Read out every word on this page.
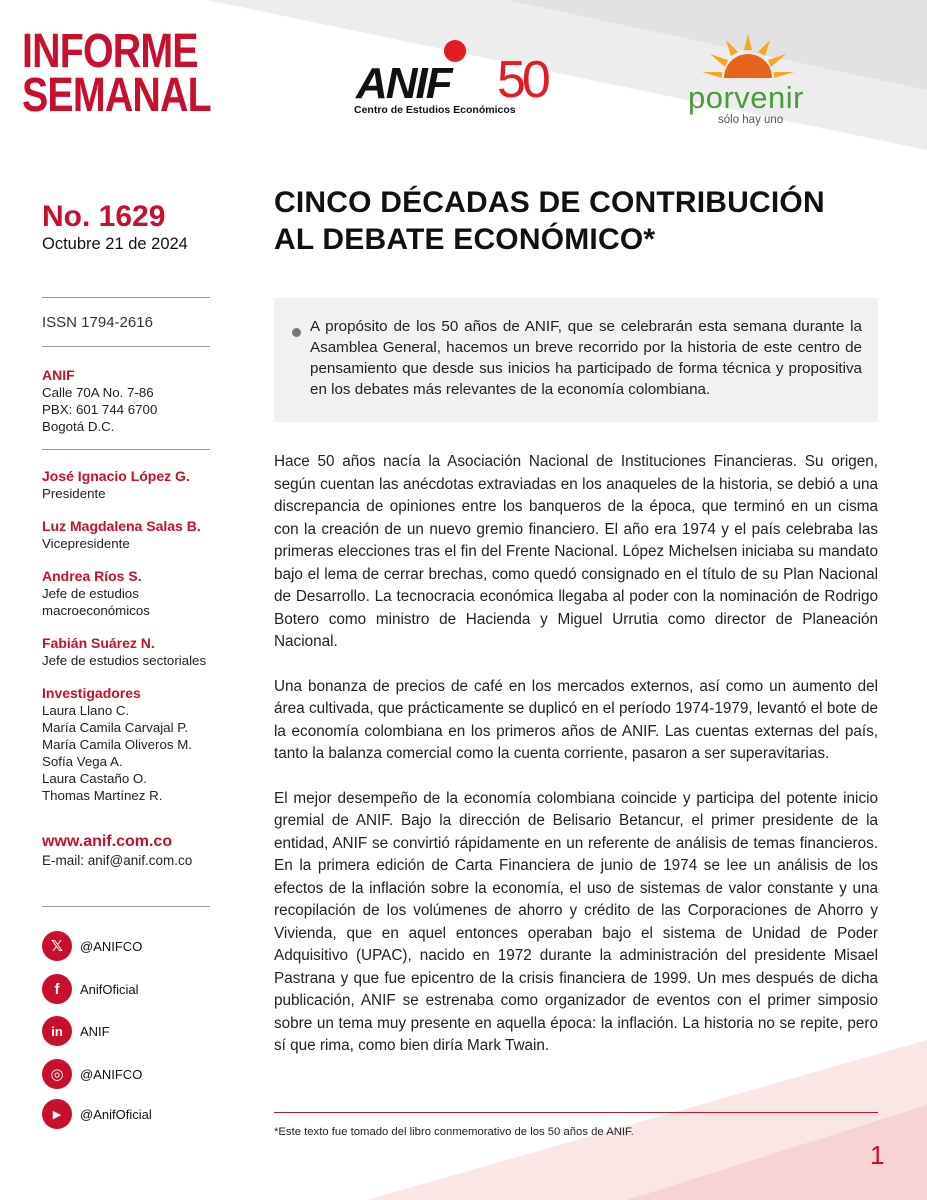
INFORME
SEMANAL	ANIF 50
Centro de Estudios Económicos	porvenir
sólo hay uno

No. 1629

Octubre 21 de 2024

ISSN 1794-2616
ANIF
Calle 70A No. 7-86
PBX: 601 744 6700
Bogotá D.C.
José Ignacio López G.
Presidente
Luz Magdalena Salas B.
Vicepresidente
Andrea Ríos S.
Jefe de estudios macroeconómicos
Fabián Suárez N.
Jefe de estudios sectoriales
Investigadores
Laura Llano C.
María Camila Carvajal P.
María Camila Oliveros M.
Sofía Vega A.
Laura Castaño O.
Thomas Martínez R.
www.anif.com.co
E-mail: anif@anif.com.co
𝕏	@ANIFCO
f	AnifOficial
in	ANIF
◎	@ANIFCO
▶	@AnifOficial
CINCO DÉCADAS DE CONTRIBUCIÓN
AL DEBATE ECONÓMICO*

A propósito de los 50 años de ANIF, que se celebrarán esta semana durante la Asamblea General, hacemos un breve recorrido por la historia de este centro de pensamiento que desde sus inicios ha participado de forma técnica y propositiva en los debates más relevantes de la economía colombiana.

Hace 50 años nacía la Asociación Nacional de Instituciones Financieras. Su origen, según cuentan las anécdotas extraviadas en los anaqueles de la historia, se debió a una discrepancia de opiniones entre los banqueros de la época, que terminó en un cisma con la creación de un nuevo gremio financiero. El año era 1974 y el país celebraba las primeras elecciones tras el fin del Frente Nacional. López Michelsen iniciaba su mandato bajo el lema de cerrar brechas, como quedó consignado en el título de su Plan Nacional de Desarrollo. La tecnocracia económica llegaba al poder con la nominación de Rodrigo Botero como ministro de Hacienda y Miguel Urrutia como director de Planeación Nacional.

Una bonanza de precios de café en los mercados externos, así como un aumento del área cultivada, que prácticamente se duplicó en el período 1974-1979, levantó el bote de la economía colombiana en los primeros años de ANIF. Las cuentas externas del país, tanto la balanza comercial como la cuenta corriente, pasaron a ser superavitarias.

El mejor desempeño de la economía colombiana coincide y participa del potente inicio gremial de ANIF. Bajo la dirección de Belisario Betancur, el primer presidente de la entidad, ANIF se convirtió rápidamente en un referente de análisis de temas financieros. En la primera edición de Carta Financiera de junio de 1974 se lee un análisis de los efectos de la inflación sobre la economía, el uso de sistemas de valor constante y una recopilación de los volúmenes de ahorro y crédito de las Corporaciones de Ahorro y Vivienda, que en aquel entonces operaban bajo el sistema de Unidad de Poder Adquisitivo (UPAC), nacido en 1972 durante la administración del presidente Misael Pastrana y que fue epicentro de la crisis financiera de 1999. Un mes después de dicha publicación, ANIF se estrenaba como organizador de eventos con el primer simposio sobre un tema muy presente en aquella época: la inflación. La historia no se repite, pero sí que rima, como bien diría Mark Twain.

*Este texto fue tomado del libro conmemorativo de los 50 años de ANIF.
1
